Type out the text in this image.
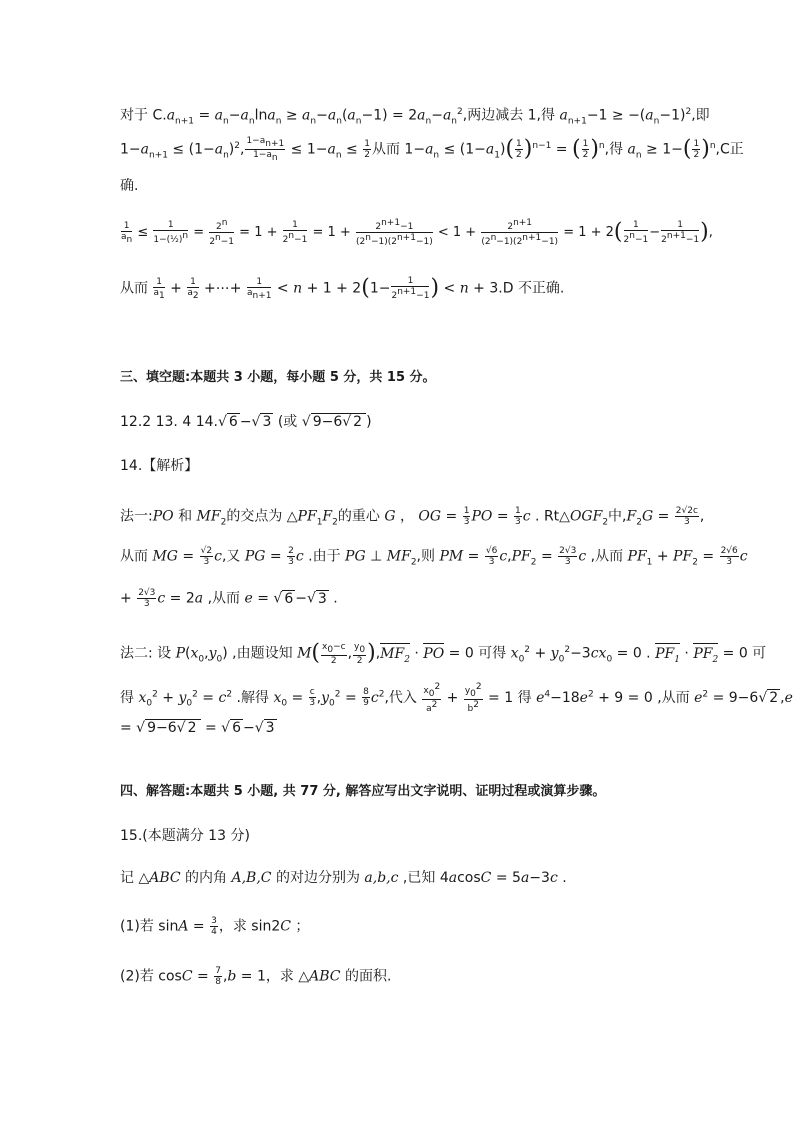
对于 $C.a_{n+1} = a_n-a_n\ln a_n \ge a_n-a_n(a_n-1) = 2a_n-a_n^2$,两边减去 1,得 $a_{n+1}-1 \ge -(a_n-1)^2$,即
$1-a_{n+1} \le (1-a_n)^2$, $\frac{1-a_{n+1}}{1-a_n} \le 1-a_n \le \frac{1}{2}$ 从而 $1-a_n \le (1-a_1)( \frac{1}{2} )^{n-1}$ = ( $\frac{1}{2} )^n$,得 $a_n \ge 1-( \frac{1}{2} )^n,C$正
确.
$\frac{1}{a_n} \le \frac{1}{1-(\frac{1}{2})^n} = \frac{2^n}{2^n-1} = 1 + \frac{1}{2^n-1} = 1 + \frac{2^{n+1}-1}{(2^n-1)(2^{n+1}-1)} < 1 + \frac{2^{n+1}}{(2^n-1)(2^{n+1}-1)} = 1 + 2( \frac{1}{2^n-1} - \frac{1}{2^{n+1}-1}$ ),
从而 $\frac{1}{a_1} + \frac{1}{a_2}$ +⋯+ $\frac{1}{a_{n+1}} < n + 1 + 2(1- \frac{1}{2^{n+1}-1}$ ) < n + 3.D 不正确.
三、填空题:本题共 3 小题，每小题 5 分，共 15 分。
12.2 13. 4 14.√ 6 −√ 3 (或 √ 9−6√ 2 )
14.【解析】
法一:PO 和 $MF_2$的交点为 $\triangle PF_1F_2$的重心 G ， OG = $\frac{1}{3}$ PO = $\frac{1}{3}$ c . $Rt\triangle OGF_2$中$,F_2G = \frac{2√2c}{3}$ ,
从而 MG = $\frac{√2}{3} c$,又 PG = $\frac{2}{3}$ c .由于 PG ⊥ $MF_2$,则 PM = $\frac{√6}{3} c,PF_2 = \frac{2√3}{3}$ c ,从而 $PF_1 + PF_2 = \frac{2√6}{3}$ c
+ $\frac{2√3}{3}$ c = 2a ,从而 e = √ 6 −√ 3 .
法二: 设 $P(x_0,y_0)$ ,由题设知 $M( \frac{x_0-c}{2}$ , $\frac{y_0}{2} ),MF_2$ · PO = 0 可得 $x_0^2 + y_0^2-3cx_0 = 0$ . $PF_1 \cdot PF_2 = 0$ 可
得 $x_0^2 + y_0^2 = c^2$ .解得 $x_0 = \frac{c}{3} ,y_0^2 = \frac{8}{9} c^2$,代入 $\frac{x_0^2}{a^2} + \frac{y_0^2}{b^2} = 1$ 得 $e^4-18e^2 + 9 = 0$ ,从而 $e^2 = 9-6√$ 2 ,e
= √ 9−6√ 2 = √ 6 −√ 3
四、解答题:本题共 5 小题, 共 77 分, 解答应写出文字说明、证明过程或演算步骤。
15.(本题满分 13 分)
记 △ABC 的内角 A,B,C 的对边分别为 a,b,c ,已知 4acosC = 5a−3c .
(1)若 $\sin A = \frac{3}{4}$ ，求 sin2C ；
(2)若 $\cos C = \frac{7}{8} ,b = 1$，求 △ABC 的面积.
